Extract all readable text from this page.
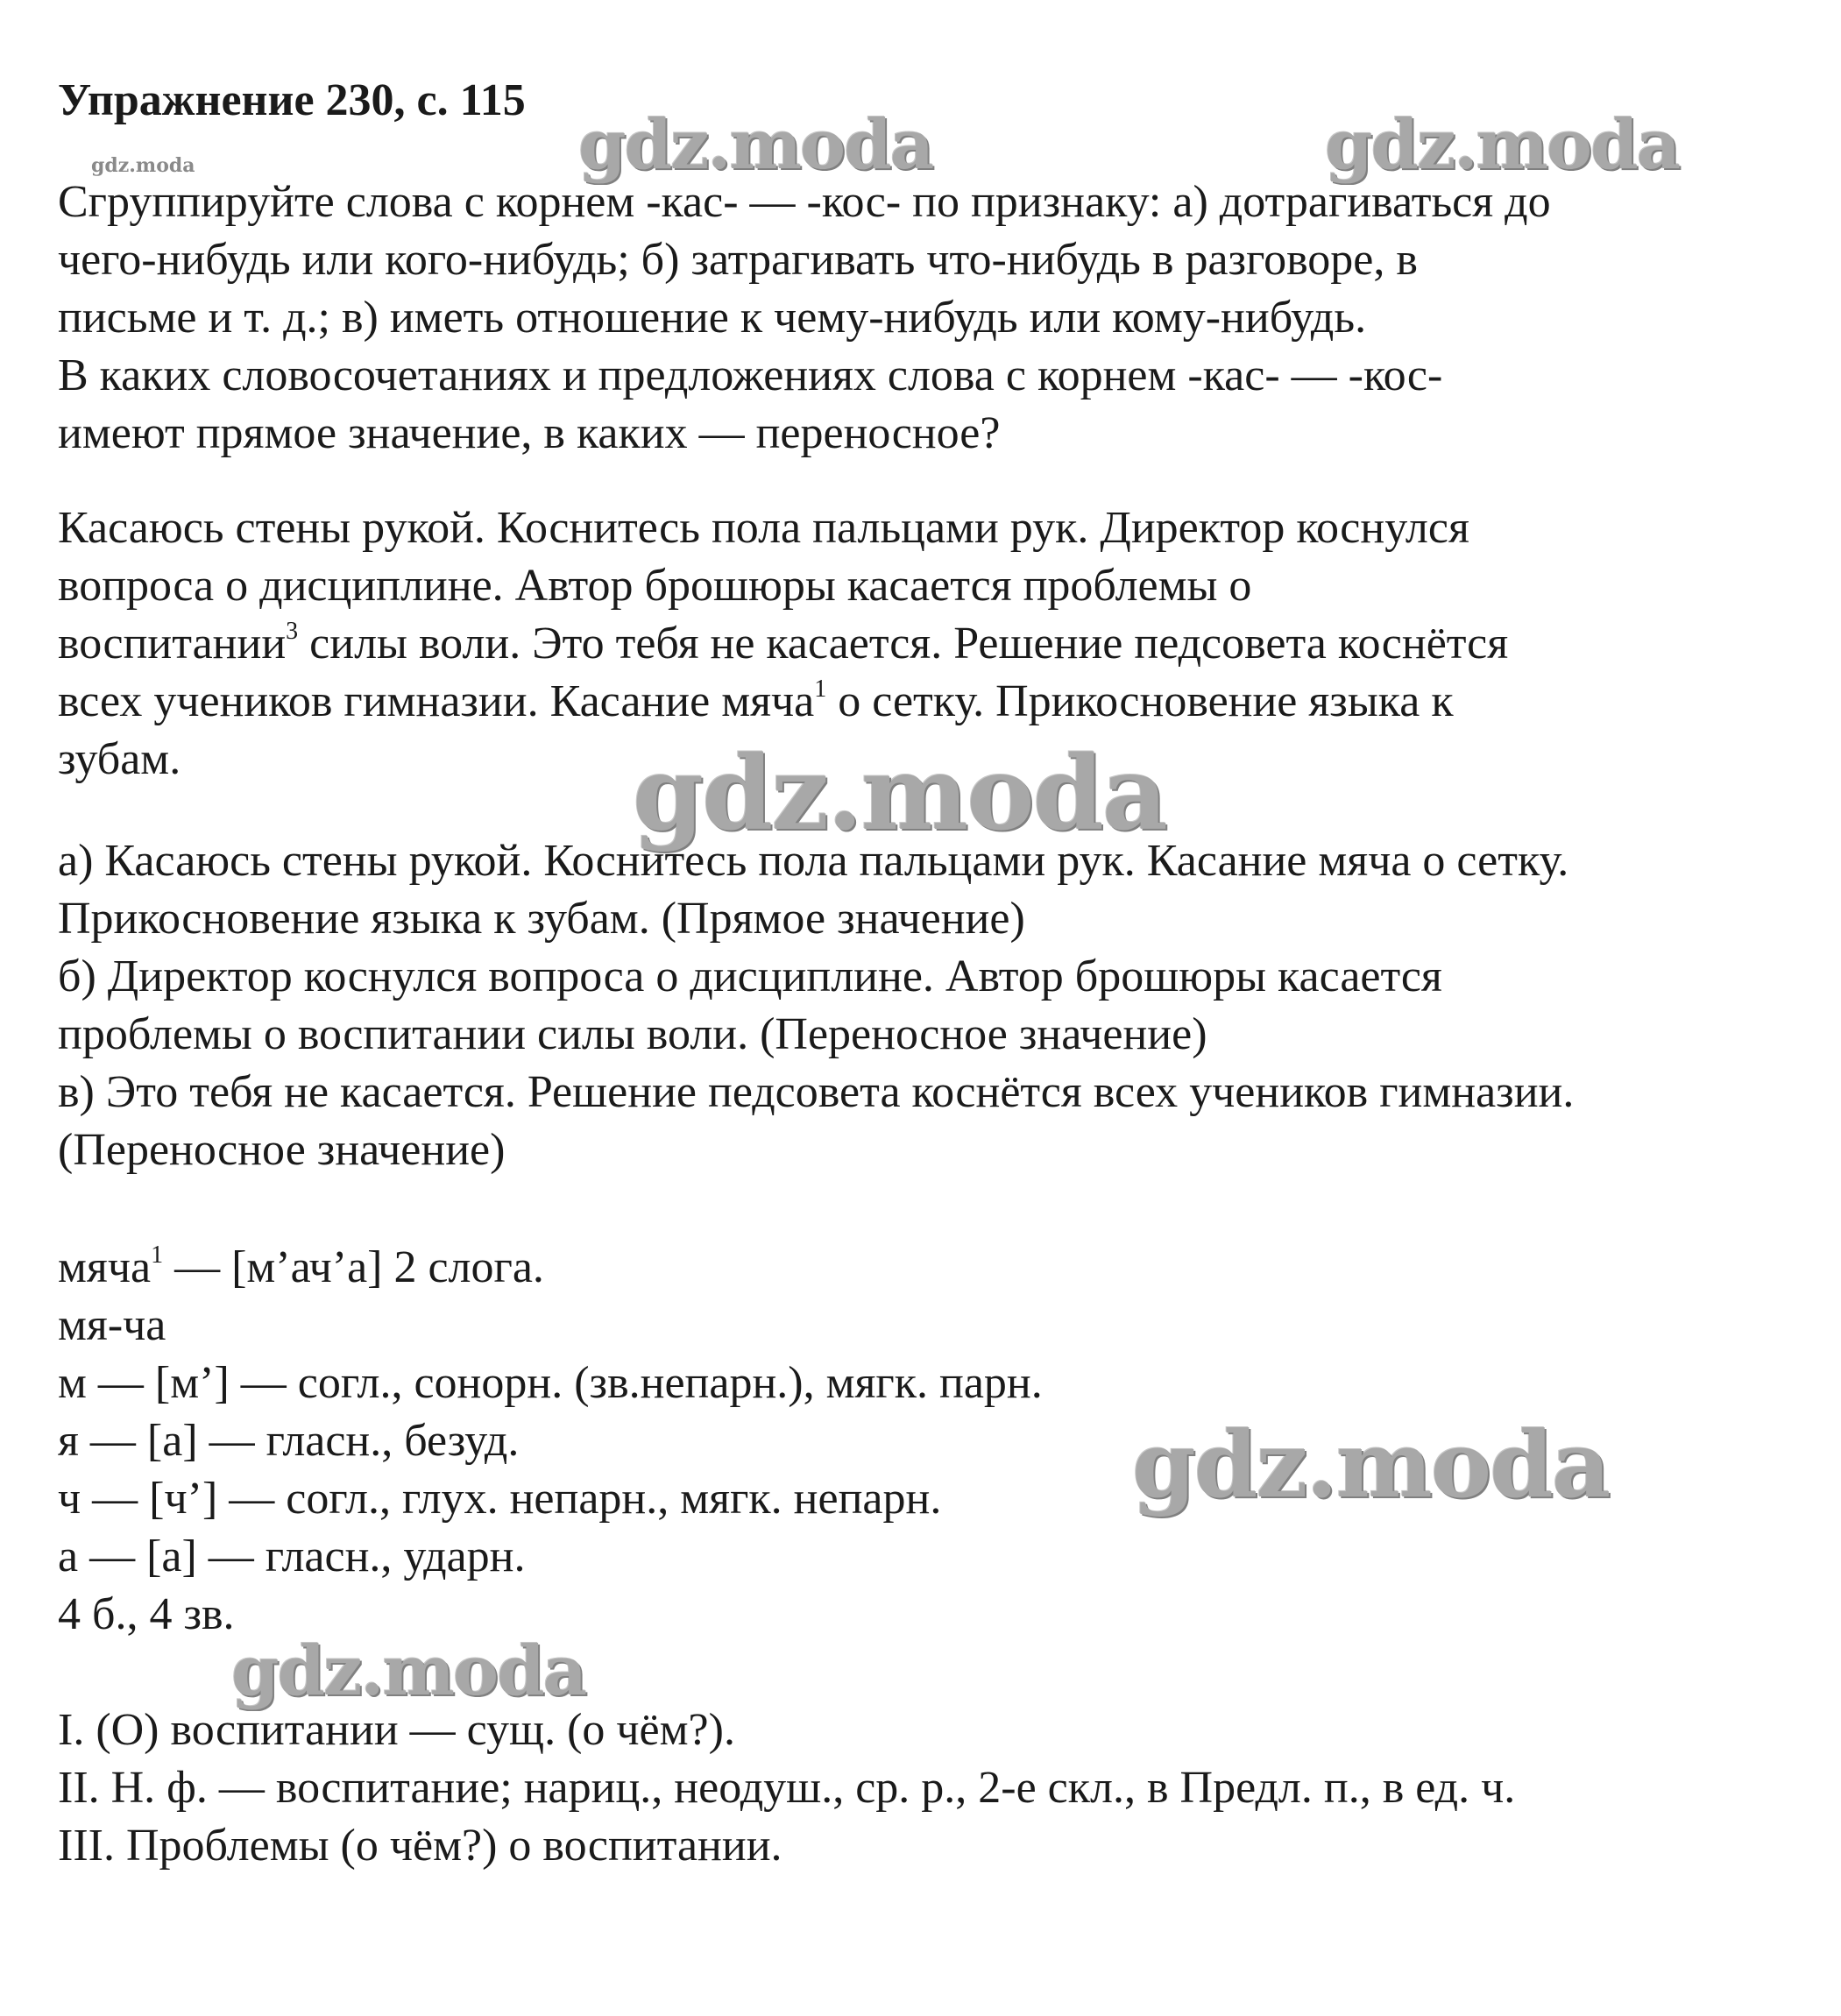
Упражнение 230, с. 115
gdz.moda	gdz.moda	gdz.moda
gdz.moda
gdz.moda
gdz.moda
Сгруппируйте слова с корнем -кас- — -кос- по признаку: а) дотрагиваться до
чего-нибудь или кого-нибудь; б) затрагивать что-нибудь в разговоре, в
письме и т. д.; в) иметь отношение к чему-нибудь или кому-нибудь.
В каких словосочетаниях и предложениях слова с корнем -кас- — -кос-
имеют прямое значение, в каких — переносное?
Касаюсь стены рукой. Коснитесь пола пальцами рук. Директор коснулся
вопроса о дисциплине. Автор брошюры касается проблемы о
воспитании$^3$ силы воли. Это тебя не касается. Решение педсовета коснётся
всех учеников гимназии. Касание мяча$^1$ о сетку. Прикосновение языка к
зубам.
а) Касаюсь стены рукой. Коснитесь пола пальцами рук. Касание мяча о сетку.
Прикосновение языка к зубам. (Прямое значение)
б) Директор коснулся вопроса о дисциплине. Автор брошюры касается
проблемы о воспитании силы воли. (Переносное значение)
в) Это тебя не касается. Решение педсовета коснётся всех учеников гимназии.
(Переносное значение)
мяча$^1$ — [м’ач’а] 2 слога.
мя-ча
м — [м’] — согл., сонорн. (зв.непарн.), мягк. парн.
я — [а] — гласн., безуд.
ч — [ч’] — согл., глух. непарн., мягк. непарн.
а — [а] — гласн., ударн.
4 б., 4 зв.
I. (О) воспитании — сущ. (о чём?).
II. Н. ф. — воспитание; нариц., неодуш., ср. р., 2-е скл., в Предл. п., в ед. ч.
III. Проблемы (о чём?) о воспитании.
